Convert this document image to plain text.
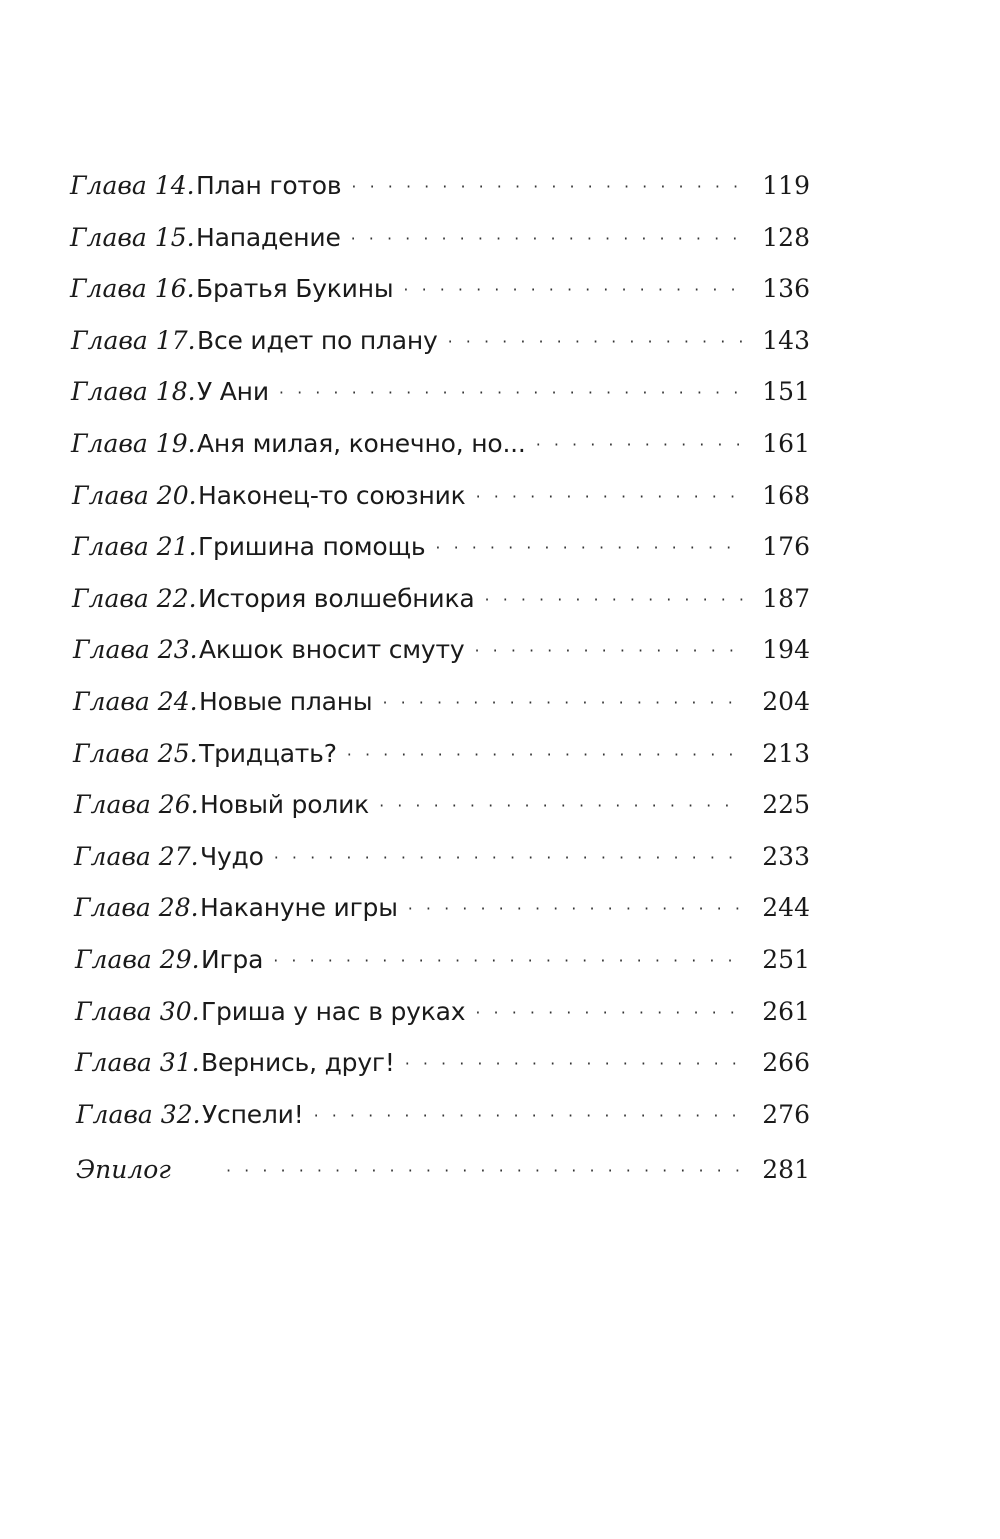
Глава 14. План готов · · ·	119
Глава 15. Нападение · · ·	128
Глава 16. Братья Букины · · ·	136
Глава 17. Все идет по плану · · ·	143
Глава 18. У Ани · · ·	151
Глава 19. Аня милая, конечно, но... · · ·	161
Глава 20. Наконец-то союзник · · ·	168
Глава 21. Гришина помощь · · ·	176
Глава 22. История волшебника · · ·	187
Глава 23. Акшок вносит смуту · · ·	194
Глава 24. Новые планы · · ·	204
Глава 25. Тридцать? · · ·	213
Глава 26. Новый ролик · · ·	225
Глава 27. Чудо · · ·	233
Глава 28. Накануне игры · · ·	244
Глава 29. Игра · · ·	251
Глава 30. Гриша у нас в руках · · ·	261
Глава 31. Вернись, друг! · · ·	266
Глава 32. Успели! · · ·	276
Эпилог · · ·	281
